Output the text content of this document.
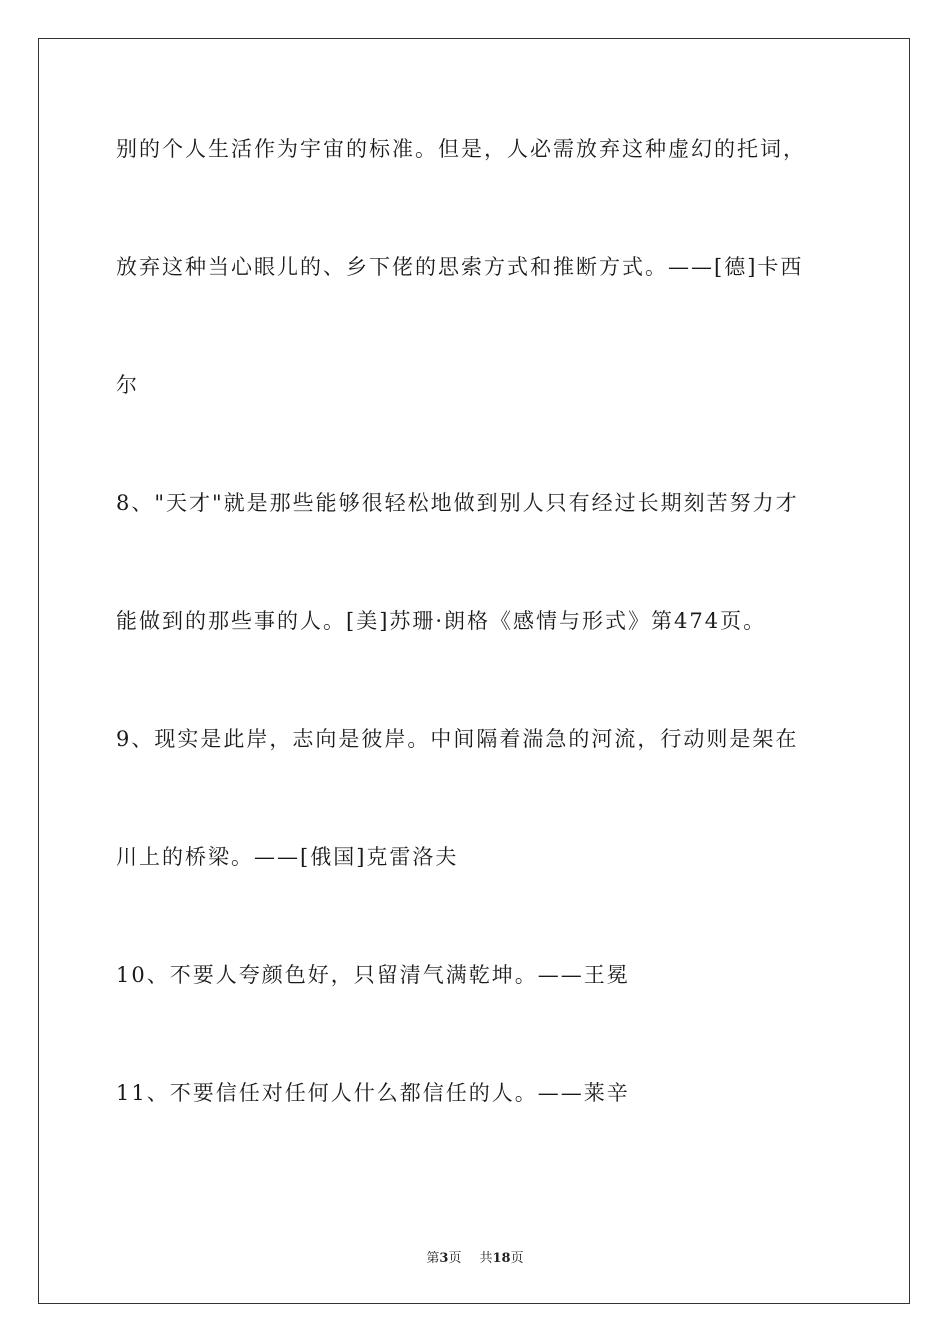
别的个人生活作为宇宙的标准。但是，人必需放弃这种虚幻的托词，
放弃这种当心眼儿的、乡下佬的思索方式和推断方式。——[德]卡西
尔
8、"天才"就是那些能够很轻松地做到别人只有经过长期刻苦努力才
能做到的那些事的人。[美]苏珊·朗格《感情与形式》第474页。
9、现实是此岸，志向是彼岸。中间隔着湍急的河流，行动则是架在
川上的桥梁。——[俄国]克雷洛夫
10、不要人夸颜色好，只留清气满乾坤。——王冕
11、不要信任对任何人什么都信任的人。——莱辛
第3页 共18页
